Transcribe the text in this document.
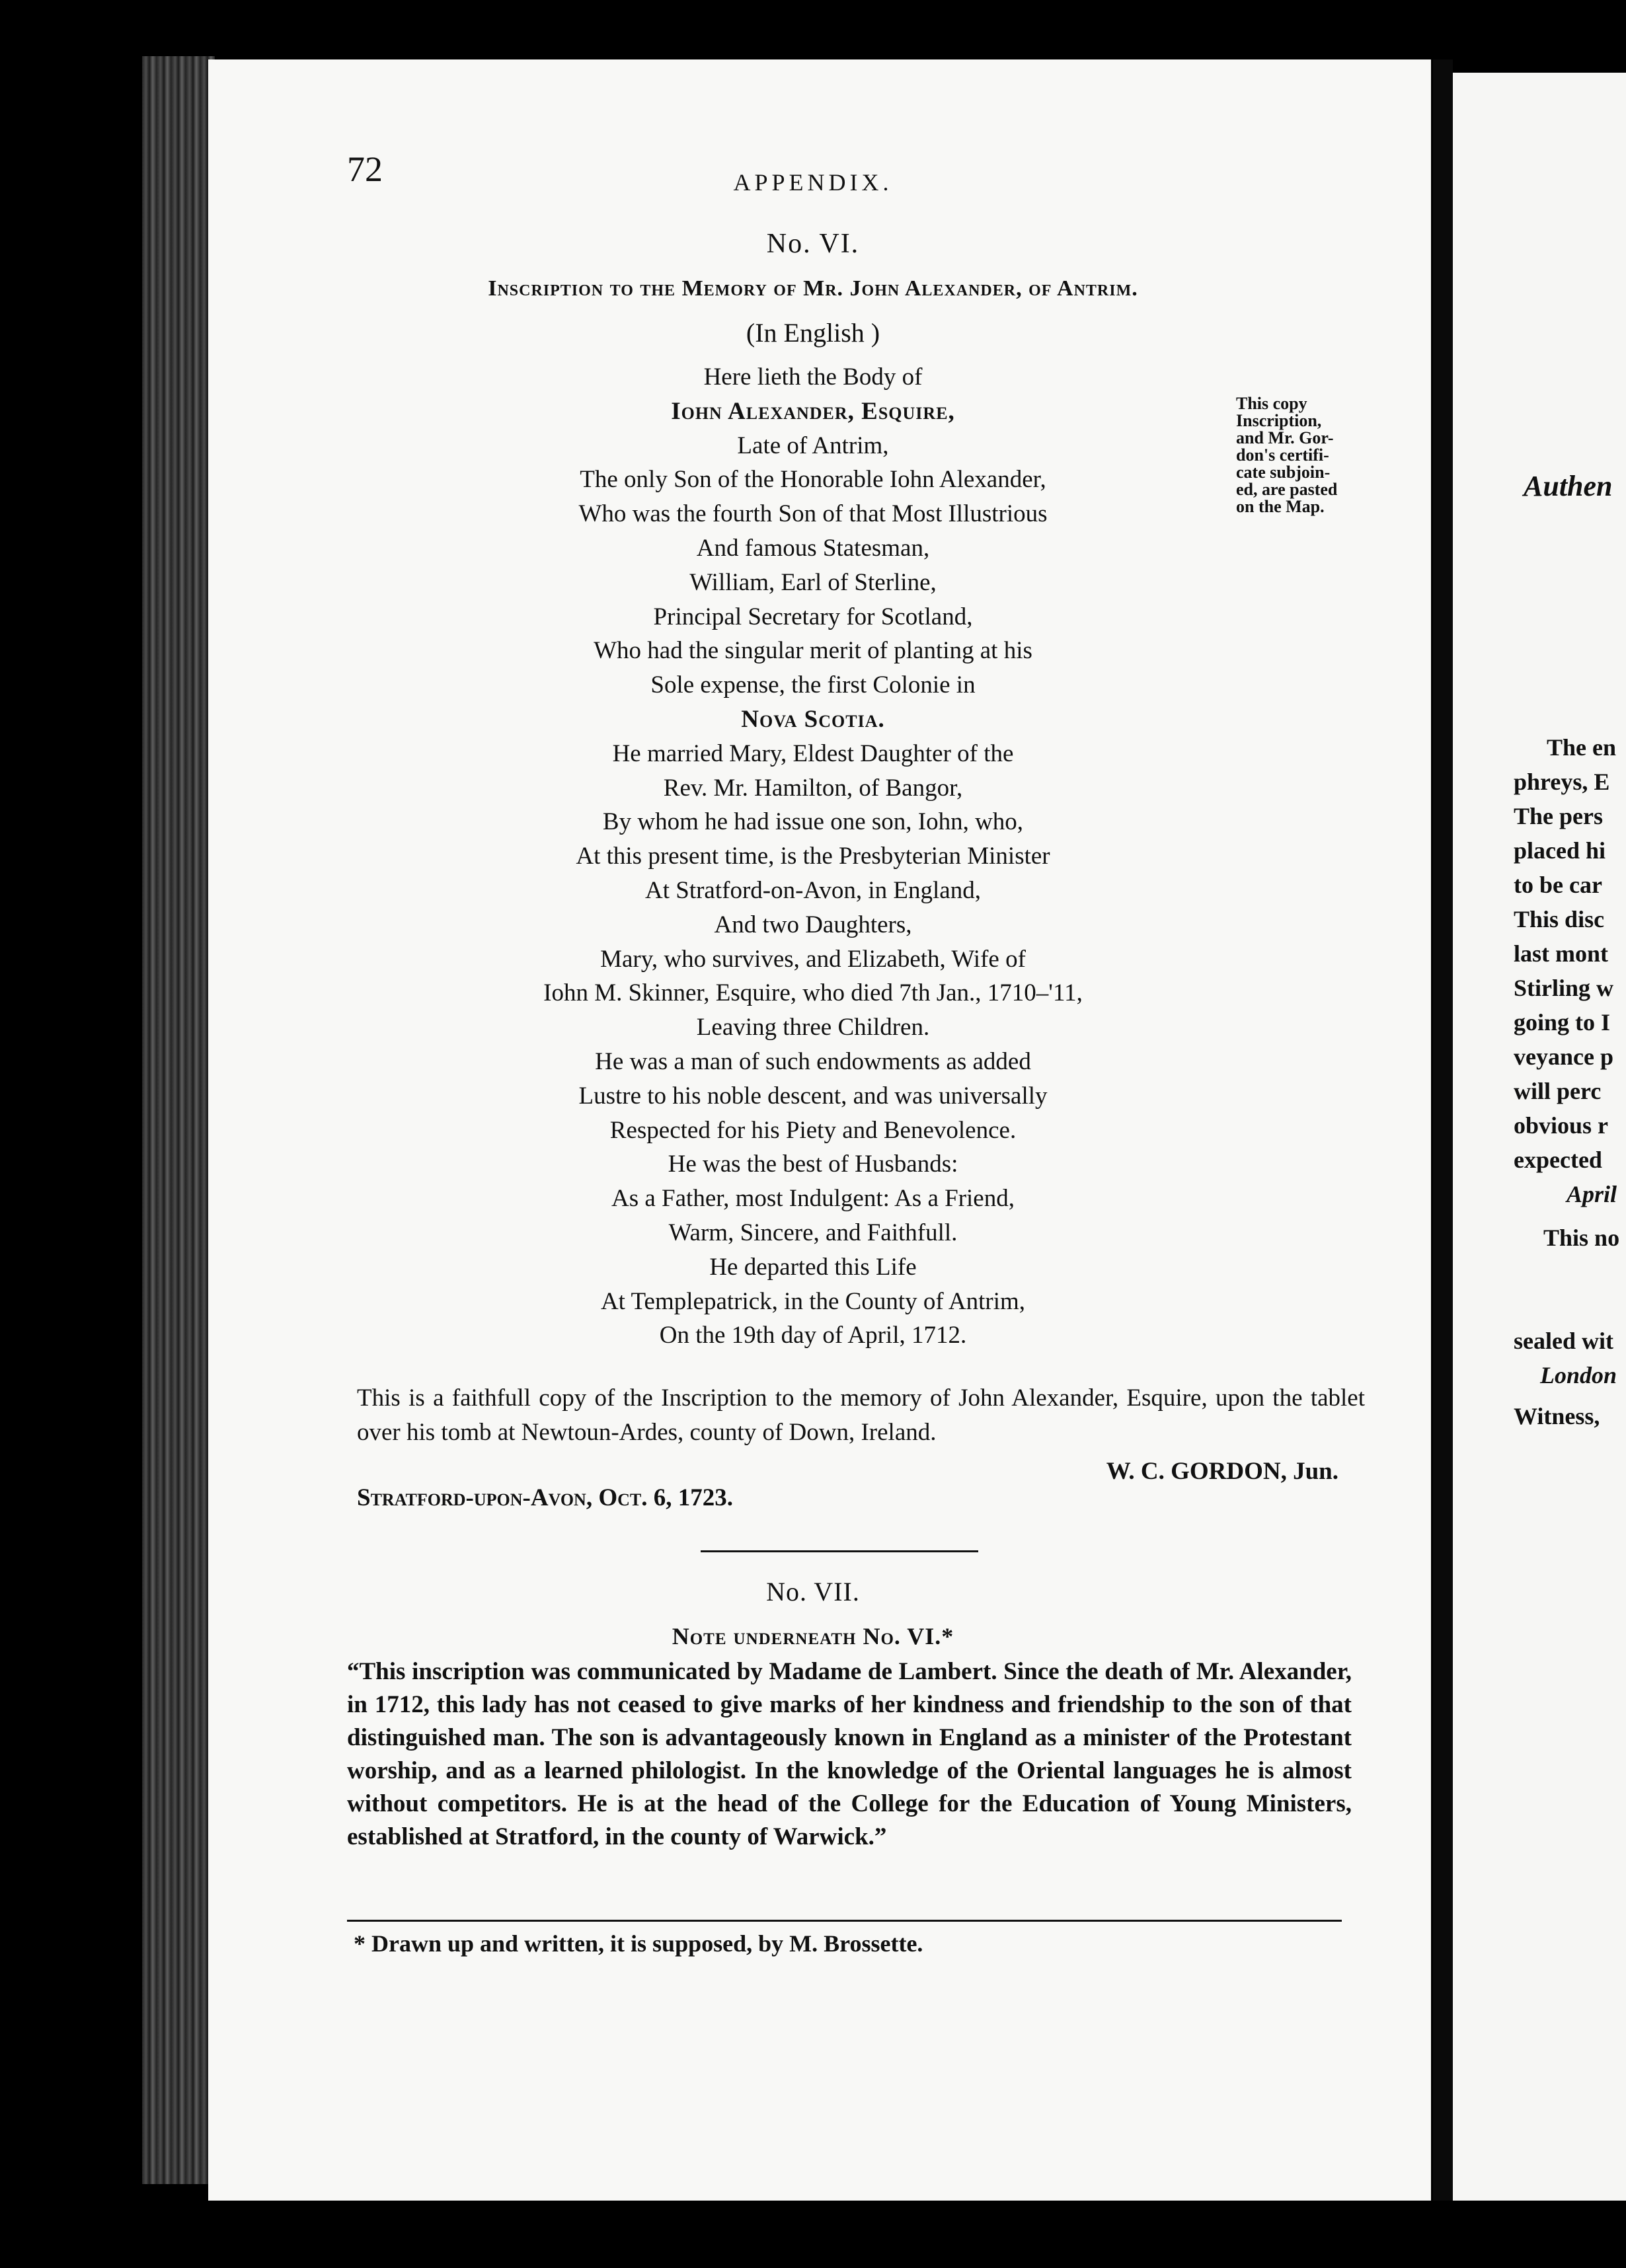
72	APPENDIX.
No. VI.
Inscription to the Memory of Mr. John Alexander, of Antrim.
(In English )
Here lieth the Body of
Iohn Alexander, Esquire,
Late of Antrim,
The only Son of the Honorable Iohn Alexander,
Who was the fourth Son of that Most Illustrious
And famous Statesman,
William, Earl of Sterline,
Principal Secretary for Scotland,
Who had the singular merit of planting at his
Sole expense, the first Colonie in
Nova Scotia.
He married Mary, Eldest Daughter of the
Rev. Mr. Hamilton, of Bangor,
By whom he had issue one son, Iohn, who,
At this present time, is the Presbyterian Minister
At Stratford-on-Avon, in England,
And two Daughters,
Mary, who survives, and Elizabeth, Wife of
Iohn M. Skinner, Esquire, who died 7th Jan., 1710–'11,
Leaving three Children.
He was a man of such endowments as added
Lustre to his noble descent, and was universally
Respected for his Piety and Benevolence.
He was the best of Husbands:
As a Father, most Indulgent: As a Friend,
Warm, Sincere, and Faithfull.
He departed this Life
At Templepatrick, in the County of Antrim,
On the 19th day of April, 1712.
This copy
Inscription,
and Mr. Gor-
don's certifi-
cate subjoin-
ed, are pasted
on the Map.
This is a faithfull copy of the Inscription to the memory of John Alexander, Esquire, upon the tablet over his tomb at Newtoun-Ardes, county of Down, Ireland.
W. C. GORDON, Jun.
Stratford-upon-Avon, Oct. 6, 1723.
No. VII.
Note underneath No. VI.*
“This inscription was communicated by Madame de Lambert. Since the death of Mr. Alexander, in 1712, this lady has not ceased to give marks of her kindness and friendship to the son of that distinguished man. The son is advantageously known in England as a minister of the Protestant worship, and as a learned philologist. In the knowledge of the Oriental languages he is almost without competitors. He is at the head of the College for the Education of Young Ministers, established at Stratford, in the county of Warwick.”
* Drawn up and written, it is supposed, by M. Brossette.
Authen
The en
phreys, E
The pers
placed hi
to be car
This disc
last mont
Stirling w
going to I
veyance p
will perc
obvious r
expected
April
This no
sealed wit
London
Witness,
